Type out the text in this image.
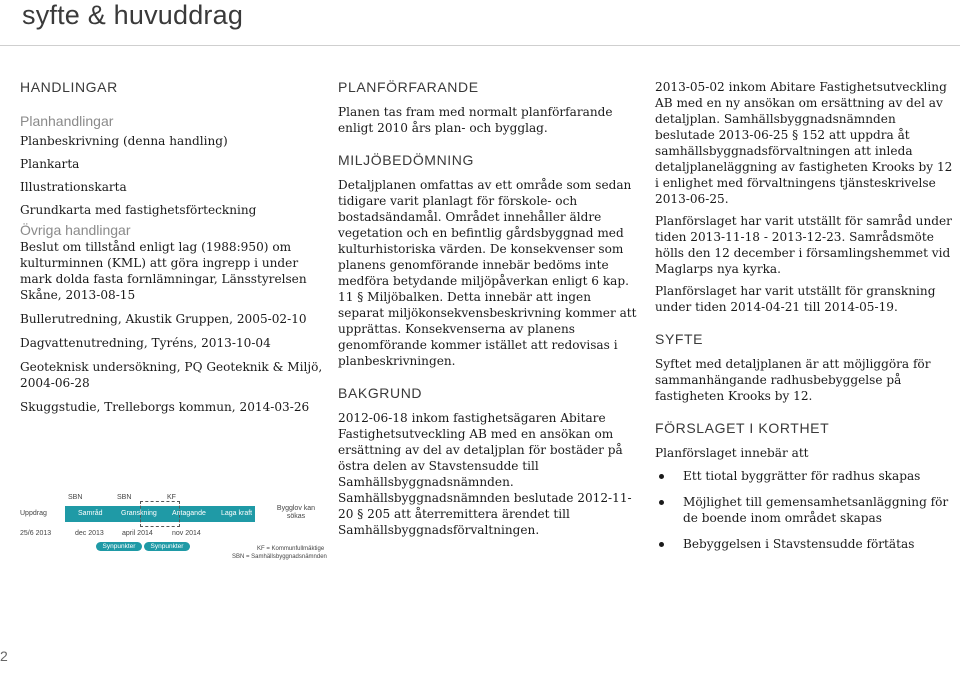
syfte & huvuddrag
HANDLINGAR
Planhandlingar
Planbeskrivning (denna handling)
Plankarta
Illustrationskarta
Grundkarta med fastighetsförteckning
Övriga handlingar
Beslut om tillstånd enligt lag (1988:950) om kulturminnen (KML) att göra ingrepp i under mark dolda fasta fornlämningar, Länsstyrelsen Skåne, 2013-08-15
Bullerutredning, Akustik Gruppen, 2005-02-10
Dagvattenutredning, Tyréns, 2013-10-04
Geoteknisk undersökning, PQ Geoteknik & Miljö, 2004-06-28
Skuggstudie, Trelleborgs kommun, 2014-03-26
SBN	SBN	KF
Uppdrag	Samråd	Granskning Antagande Laga kraft
Bygglov kan sökas
25/6 2013	dec 2013	april 2014	nov 2014
Synpunkter	Synpunkter	KF = Kommunfullmäktige
SBN = Samhällsbyggnadsnämnden
PLANFÖRFARANDE

Planen tas fram med normalt planförfarande enligt 2010 års plan- och bygglag.

MILJÖBEDÖMNING

Detaljplanen omfattas av ett område som sedan tidigare varit planlagt för förskole- och bostadsändamål. Området innehåller äldre vegetation och en befintlig gårdsbyggnad med kulturhistoriska värden. De konsekvenser som planens genomförande innebär bedöms inte medföra betydande miljöpåverkan enligt 6 kap. 11 § Miljöbalken. Detta innebär att ingen separat miljökonsekvensbeskrivning kommer att upprättas. Konsekvenserna av planens genomförande kommer istället att redovisas i planbeskrivningen.

BAKGRUND

2012-06-18 inkom fastighetsägaren Abitare Fastighetsutveckling AB med en ansökan om ersättning av del av detaljplan för bostäder på östra delen av Stavstensudde till Samhällsbyggnadsnämnden. Samhällsbyggnadsnämnden beslutade 2012-11-20 § 205 att återremittera ärendet till Samhällsbyggnadsförvaltningen.

2013-05-02 inkom Abitare Fastighetsutveckling AB med en ny ansökan om ersättning av del av detaljplan. Samhällsbyggnadsnämnden beslutade 2013-06-25 § 152 att uppdra åt samhällsbyggnadsförvaltningen att inleda detaljplaneläggning av fastigheten Krooks by 12 i enlighet med förvaltningens tjänsteskrivelse 2013-06-25.

Planförslaget har varit utställt för samråd under tiden 2013-11-18 - 2013-12-23. Samrådsmöte hölls den 12 december i församlingshemmet vid Maglarps nya kyrka.

Planförslaget har varit utställt för granskning under tiden 2014-04-21 till 2014-05-19.

SYFTE

Syftet med detaljplanen är att möjliggöra för sammanhängande radhusbebyggelse på fastigheten Krooks by 12.

FÖRSLAGET I KORTHET

Planförslaget innebär att

Ett tiotal byggrätter för radhus skapas
Möjlighet till gemensamhetsanläggning för de boende inom området skapas
Bebyggelsen i Stavstensudde förtätas
2
